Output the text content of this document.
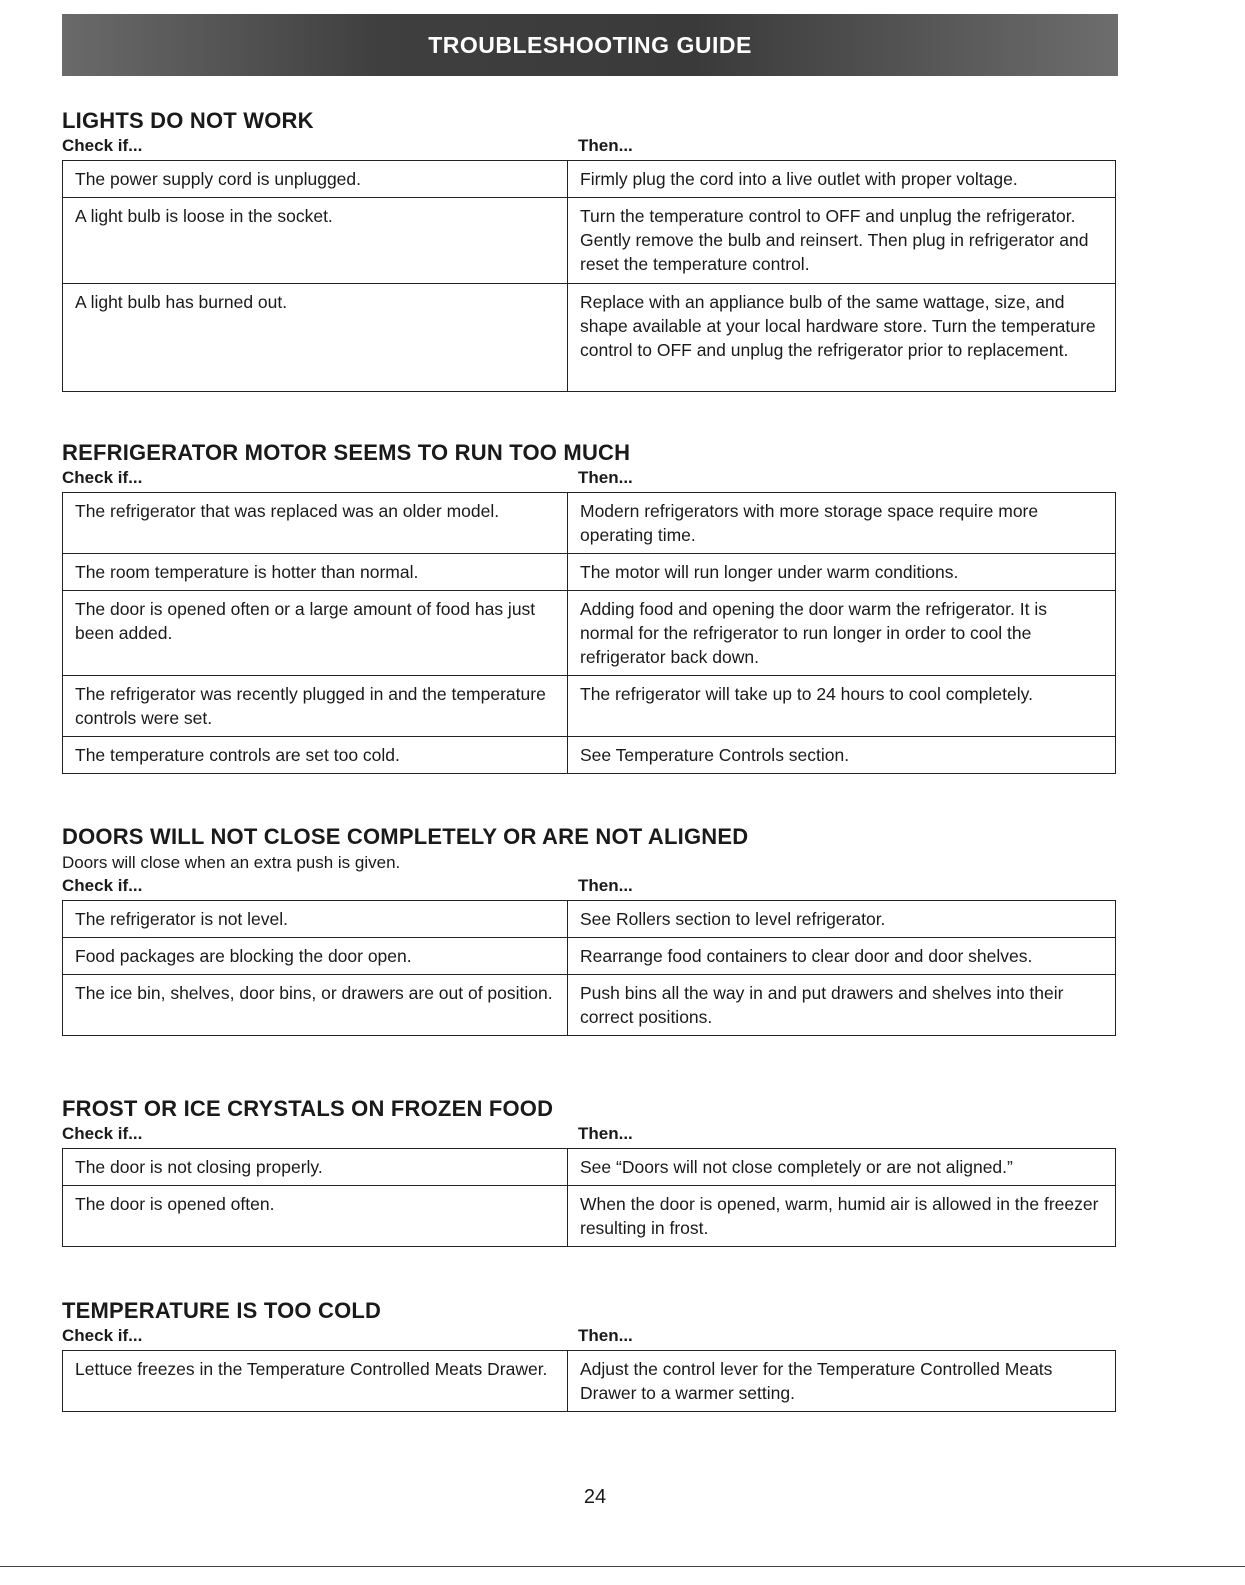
TROUBLESHOOTING GUIDE
LIGHTS DO NOT WORK
Check if...	Then...
The power supply cord is unplugged.	Firmly plug the cord into a live outlet with proper voltage.
A light bulb is loose in the socket.	Turn the temperature control to OFF and unplug the refrigerator. Gently remove the bulb and reinsert. Then plug in refrigerator and reset the temperature control.
A light bulb has burned out.	Replace with an appliance bulb of the same wattage, size, and shape available at your local hardware store. Turn the temperature control to OFF and unplug the refrigerator prior to replacement.
REFRIGERATOR MOTOR SEEMS TO RUN TOO MUCH
Check if...	Then...
The refrigerator that was replaced was an older model.	Modern refrigerators with more storage space require more operating time.
The room temperature is hotter than normal.	The motor will run longer under warm conditions.
The door is opened often or a large amount of food has just been added.	Adding food and opening the door warm the refrigerator. It is normal for the refrigerator to run longer in order to cool the refrigerator back down.
The refrigerator was recently plugged in and the temperature controls were set.	The refrigerator will take up to 24 hours to cool completely.
The temperature controls are set too cold.	See Temperature Controls section.
DOORS WILL NOT CLOSE COMPLETELY OR ARE NOT ALIGNED

Doors will close when an extra push is given.

Check if...	Then...
The refrigerator is not level.	See Rollers section to level refrigerator.
Food packages are blocking the door open.	Rearrange food containers to clear door and door shelves.
The ice bin, shelves, door bins, or drawers are out of position.	Push bins all the way in and put drawers and shelves into their correct positions.
FROST OR ICE CRYSTALS ON FROZEN FOOD
Check if...	Then...
The door is not closing properly.	See “Doors will not close completely or are not aligned.”
The door is opened often.	When the door is opened, warm, humid air is allowed in the freezer resulting in frost.
TEMPERATURE IS TOO COLD
Check if...	Then...
Lettuce freezes in the Temperature Controlled Meats Drawer.	Adjust the control lever for the Temperature Controlled Meats Drawer to a warmer setting.
24
